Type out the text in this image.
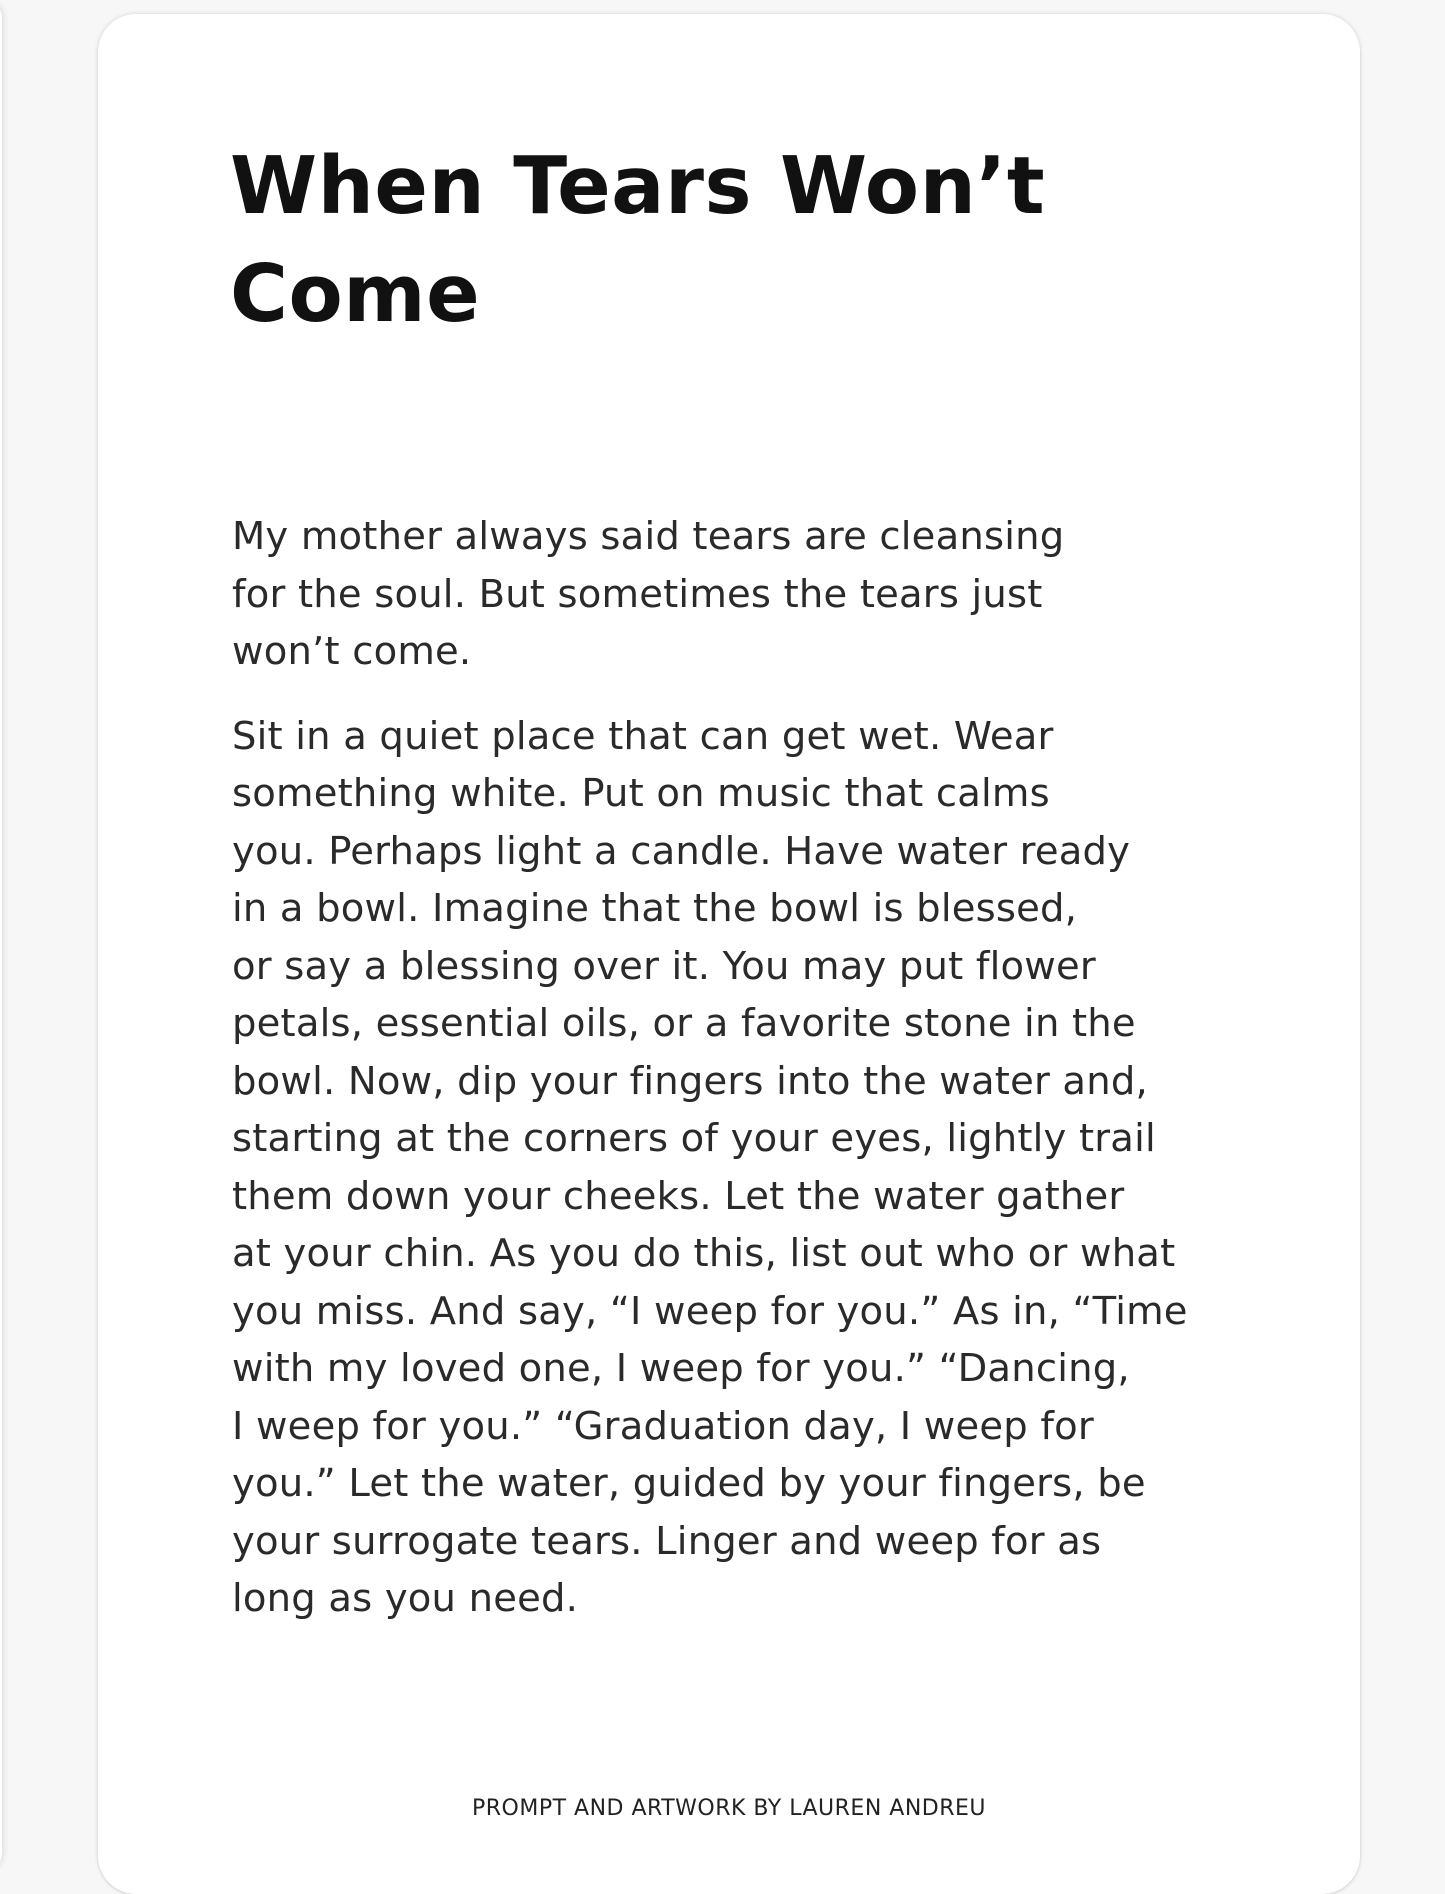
When Tears Won’t
Come

My mother always said tears are cleansing
for the soul. But sometimes the tears just
won’t come.

Sit in a quiet place that can get wet. Wear
something white. Put on music that calms
you. Perhaps light a candle. Have water ready
in a bowl. Imagine that the bowl is blessed,
or say a blessing over it. You may put flower
petals, essential oils, or a favorite stone in the
bowl. Now, dip your fingers into the water and,
starting at the corners of your eyes, lightly trail
them down your cheeks. Let the water gather
at your chin. As you do this, list out who or what
you miss. And say, “I weep for you.” As in, “Time
with my loved one, I weep for you.” “Dancing,
I weep for you.” “Graduation day, I weep for
you.” Let the water, guided by your fingers, be
your surrogate tears. Linger and weep for as
long as you need.

PROMPT AND ARTWORK BY LAUREN ANDREU
